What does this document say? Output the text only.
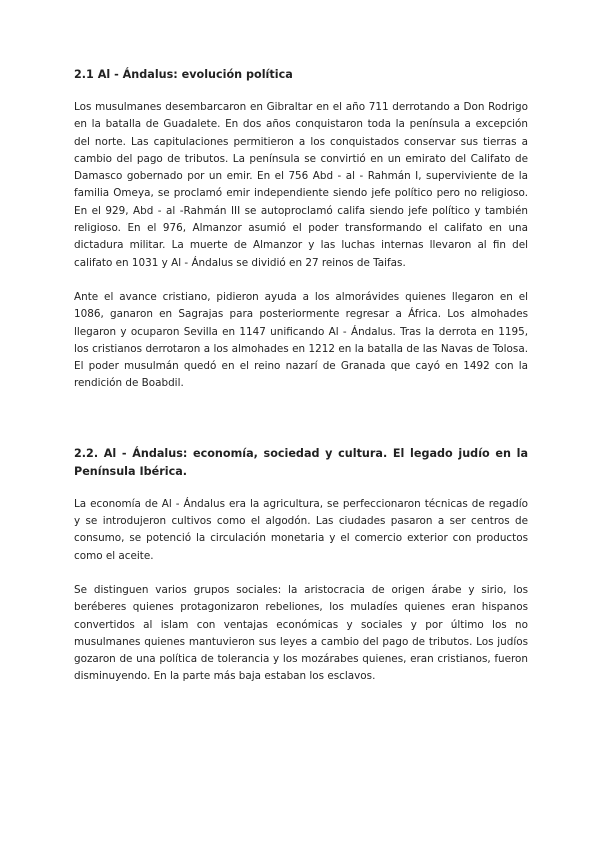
2.1 Al - Ándalus: evolución política

Los musulmanes desembarcaron en Gibraltar en el año 711 derrotando a Don Rodrigo en la batalla de Guadalete. En dos años conquistaron toda la península a excepción del norte. Las capitulaciones permitieron a los conquistados conservar sus tierras a cambio del pago de tributos. La península se convirtió en un emirato del Califato de Damasco gobernado por un emir. En el 756 Abd - al - Rahmán I, superviviente de la familia Omeya, se proclamó emir independiente siendo jefe político pero no religioso. En el 929, Abd - al -Rahmán III se autoproclamó califa siendo jefe político y también religioso. En el 976, Almanzor asumió el poder transformando el califato en una dictadura militar. La muerte de Almanzor y las luchas internas llevaron al fin del califato en 1031 y Al - Ándalus se dividió en 27 reinos de Taifas.

Ante el avance cristiano, pidieron ayuda a los almorávides quienes llegaron en el 1086, ganaron en Sagrajas para posteriormente regresar a África. Los almohades llegaron y ocuparon Sevilla en 1147 unificando Al - Ándalus. Tras la derrota en 1195, los cristianos derrotaron a los almohades en 1212 en la batalla de las Navas de Tolosa. El poder musulmán quedó en el reino nazarí de Granada que cayó en 1492 con la rendición de Boabdil.

2.2. Al - Ándalus: economía, sociedad y cultura. El legado judío en la Península Ibérica.

La economía de Al - Ándalus era la agricultura, se perfeccionaron técnicas de regadío y se introdujeron cultivos como el algodón. Las ciudades pasaron a ser centros de consumo, se potenció la circulación monetaria y el comercio exterior con productos como el aceite.

Se distinguen varios grupos sociales: la aristocracia de origen árabe y sirio, los beréberes quienes protagonizaron rebeliones, los muladíes quienes eran hispanos convertidos al islam con ventajas económicas y sociales y por último los no musulmanes quienes mantuvieron sus leyes a cambio del pago de tributos. Los judíos gozaron de una política de tolerancia y los mozárabes quienes, eran cristianos, fueron disminuyendo. En la parte más baja estaban los esclavos.
